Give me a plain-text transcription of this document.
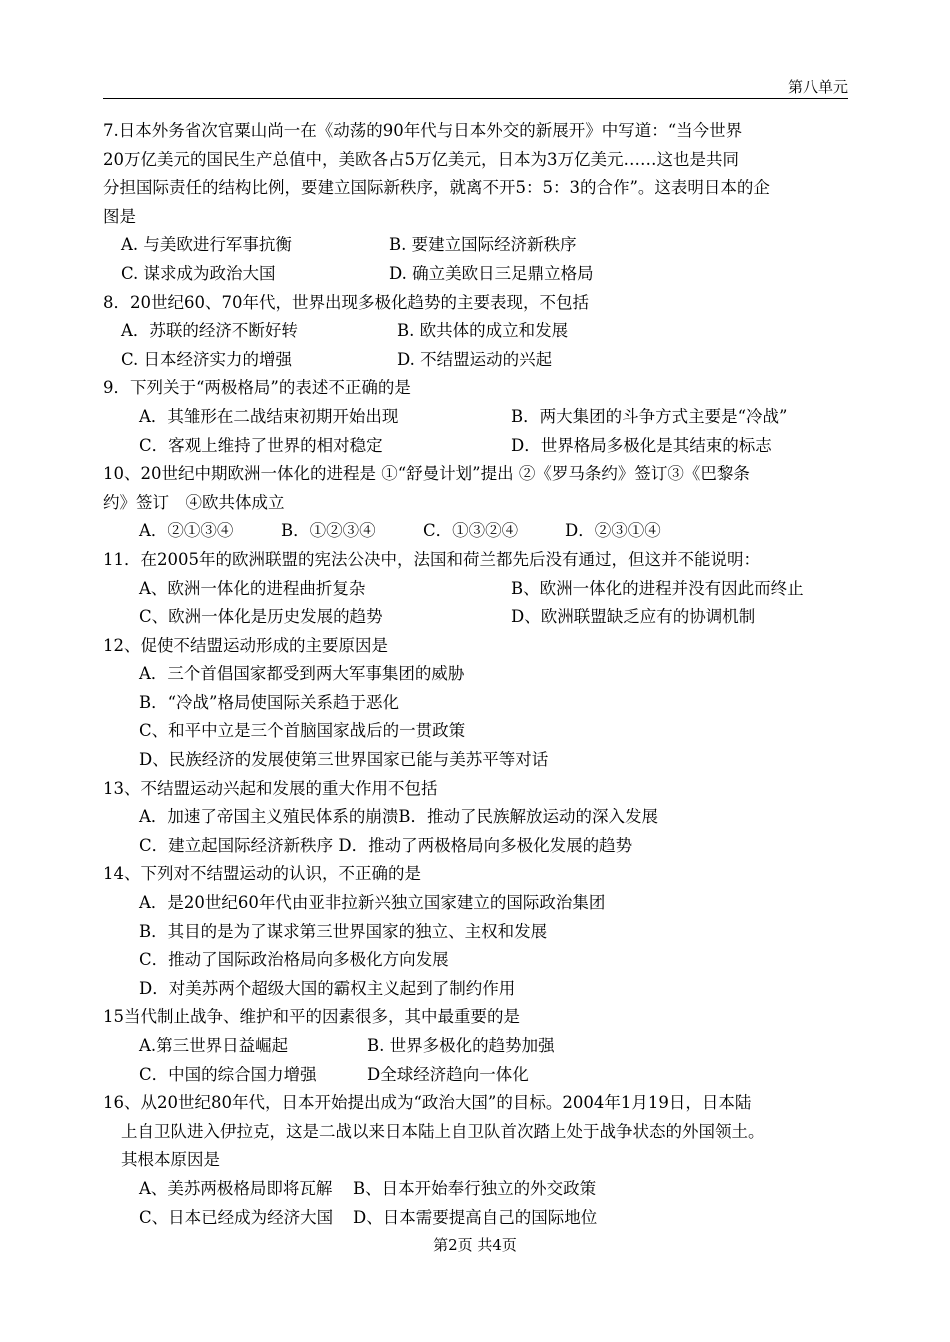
第八单元
7.日本外务省次官粟山尚一在《动荡的90年代与日本外交的新展开》中写道：“当今世界
20万亿美元的国民生产总值中，美欧各占5万亿美元，日本为3万亿美元……这也是共同
分担国际责任的结构比例，要建立国际新秩序，就离不开5：5：3的合作”。这表明日本的企
图是
A. 与美欧进行军事抗衡	B. 要建立国际经济新秩序
C. 谋求成为政治大国	D. 确立美欧日三足鼎立格局
8．20世纪60、70年代，世界出现多极化趋势的主要表现，不包括
A．苏联的经济不断好转	B. 欧共体的成立和发展
C. 日本经济实力的增强	D. 不结盟运动的兴起
9．下列关于“两极格局”的表述不正确的是
A．其雏形在二战结束初期开始出现	B．两大集团的斗争方式主要是“冷战”
C．客观上维持了世界的相对稳定	D．世界格局多极化是其结束的标志
10、20世纪中期欧洲一体化的进程是 ①“舒曼计划”提出 ②《罗马条约》签订③《巴黎条
约》签订　④欧共体成立
A．②①③④	B．①②③④	C．①③②④	D．②③①④
11．在2005年的欧洲联盟的宪法公决中，法国和荷兰都先后没有通过，但这并不能说明：
A、欧洲一体化的进程曲折复杂	B、欧洲一体化的进程并没有因此而终止
C、欧洲一体化是历史发展的趋势	D、欧洲联盟缺乏应有的协调机制
12、促使不结盟运动形成的主要原因是
A．三个首倡国家都受到两大军事集团的威胁
B．“冷战”格局使国际关系趋于恶化
C、和平中立是三个首脑国家战后的一贯政策
D、民族经济的发展使第三世界国家已能与美苏平等对话
13、不结盟运动兴起和发展的重大作用不包括
A．加速了帝国主义殖民体系的崩溃B．推动了民族解放运动的深入发展
C．建立起国际经济新秩序 D．推动了两极格局向多极化发展的趋势
14、下列对不结盟运动的认识，不正确的是
A．是20世纪60年代由亚非拉新兴独立国家建立的国际政治集团
B．其目的是为了谋求第三世界国家的独立、主权和发展
C．推动了国际政治格局向多极化方向发展
D．对美苏两个超级大国的霸权主义起到了制约作用
15当代制止战争、维护和平的因素很多，其中最重要的是
A.第三世界日益崛起	B. 世界多极化的趋势加强
C．中国的综合国力增强	D全球经济趋向一体化
16、从20世纪80年代，日本开始提出成为“政治大国”的目标。2004年1月19日，日本陆
上自卫队进入伊拉克，这是二战以来日本陆上自卫队首次踏上处于战争状态的外国领土。
其根本原因是
A、美苏两极格局即将瓦解 B、日本开始奉行独立的外交政策
C、日本已经成为经济大国 D、日本需要提高自己的国际地位
第2页 共4页
